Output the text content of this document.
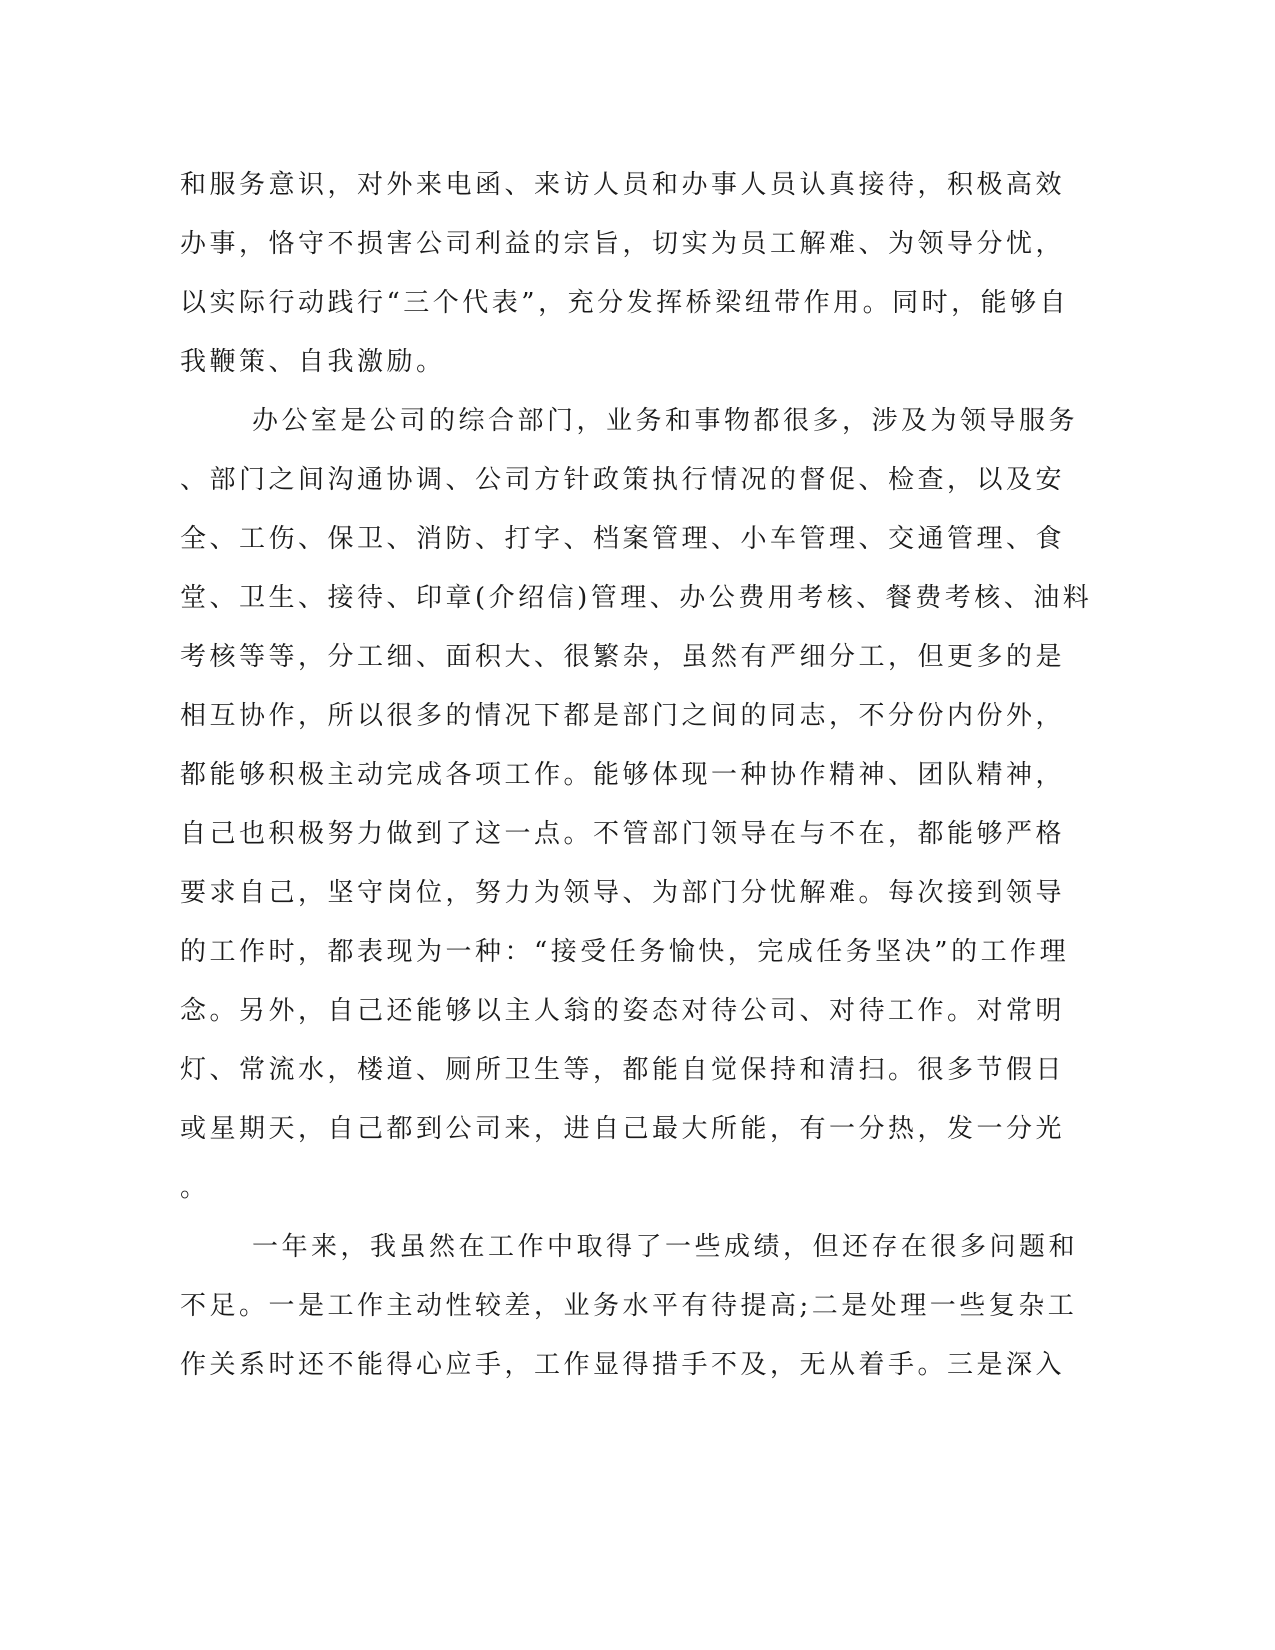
和服务意识，对外来电函、来访人员和办事人员认真接待，积极高效
办事，恪守不损害公司利益的宗旨，切实为员工解难、为领导分忧，
以实际行动践行“三个代表”，充分发挥桥梁纽带作用。同时，能够自
我鞭策、自我激励。
办公室是公司的综合部门，业务和事物都很多，涉及为领导服务
、部门之间沟通协调、公司方针政策执行情况的督促、检查，以及安
全、工伤、保卫、消防、打字、档案管理、小车管理、交通管理、食
堂、卫生、接待、印章(介绍信)管理、办公费用考核、餐费考核、油料
考核等等，分工细、面积大、很繁杂，虽然有严细分工，但更多的是
相互协作，所以很多的情况下都是部门之间的同志，不分份内份外，
都能够积极主动完成各项工作。能够体现一种协作精神、团队精神，
自己也积极努力做到了这一点。不管部门领导在与不在，都能够严格
要求自己，坚守岗位，努力为领导、为部门分忧解难。每次接到领导
的工作时，都表现为一种：“接受任务愉快，完成任务坚决”的工作理
念。另外，自己还能够以主人翁的姿态对待公司、对待工作。对常明
灯、常流水，楼道、厕所卫生等，都能自觉保持和清扫。很多节假日
或星期天，自己都到公司来，进自己最大所能，有一分热，发一分光
。
一年来，我虽然在工作中取得了一些成绩，但还存在很多问题和
不足。一是工作主动性较差，业务水平有待提高;二是处理一些复杂工
作关系时还不能得心应手，工作显得措手不及，无从着手。三是深入
